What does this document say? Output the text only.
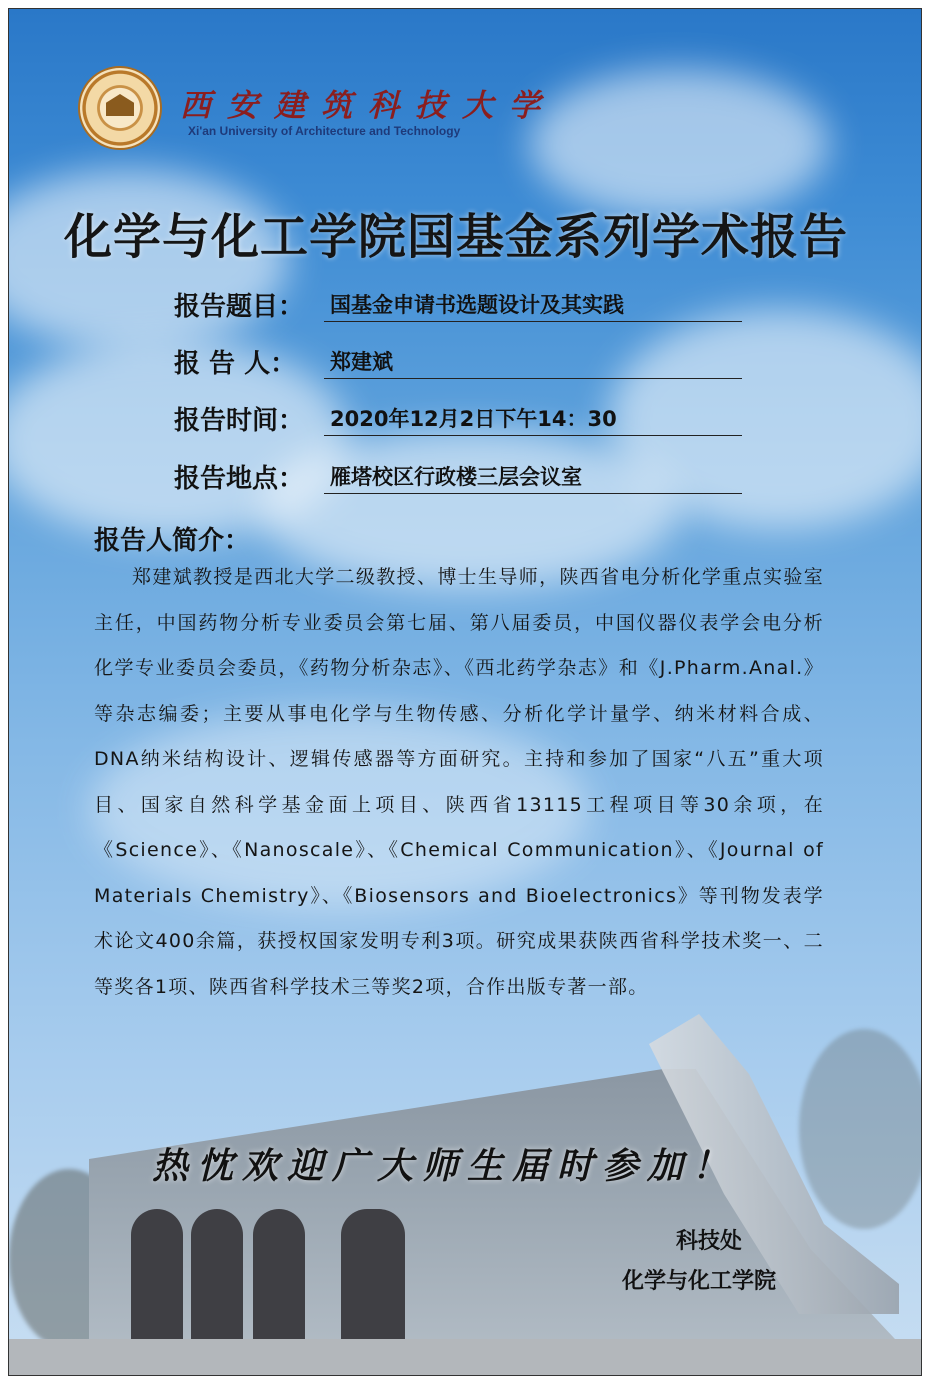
西安建筑科技大学
Xi'an University of Architecture and Technology
化学与化工学院国基金系列学术报告
报告题目： 国基金申请书选题设计及其实践
报 告 人： 郑建斌
报告时间： 2020年12月2日下午14：30
报告地点： 雁塔校区行政楼三层会议室
报告人简介：
郑建斌教授是西北大学二级教授、博士生导师，陕西省电分析化学重点实验室主任，中国药物分析专业委员会第七届、第八届委员，中国仪器仪表学会电分析化学专业委员会委员，《药物分析杂志》、《西北药学杂志》和《J.Pharm.Anal.》等杂志编委；主要从事电化学与生物传感、分析化学计量学、纳米材料合成、DNA纳米结构设计、逻辑传感器等方面研究。主持和参加了国家“八五”重大项目、国家自然科学基金面上项目、陕西省13115工程项目等30余项，在《Science》、《Nanoscale》、《Chemical Communication》、《Journal of Materials Chemistry》、《Biosensors and Bioelectronics》等刊物发表学术论文400余篇，获授权国家发明专利3项。研究成果获陕西省科学技术奖一、二等奖各1项、陕西省科学技术三等奖2项，合作出版专著一部。
热忱欢迎广大师生届时参加！
科技处
化学与化工学院
